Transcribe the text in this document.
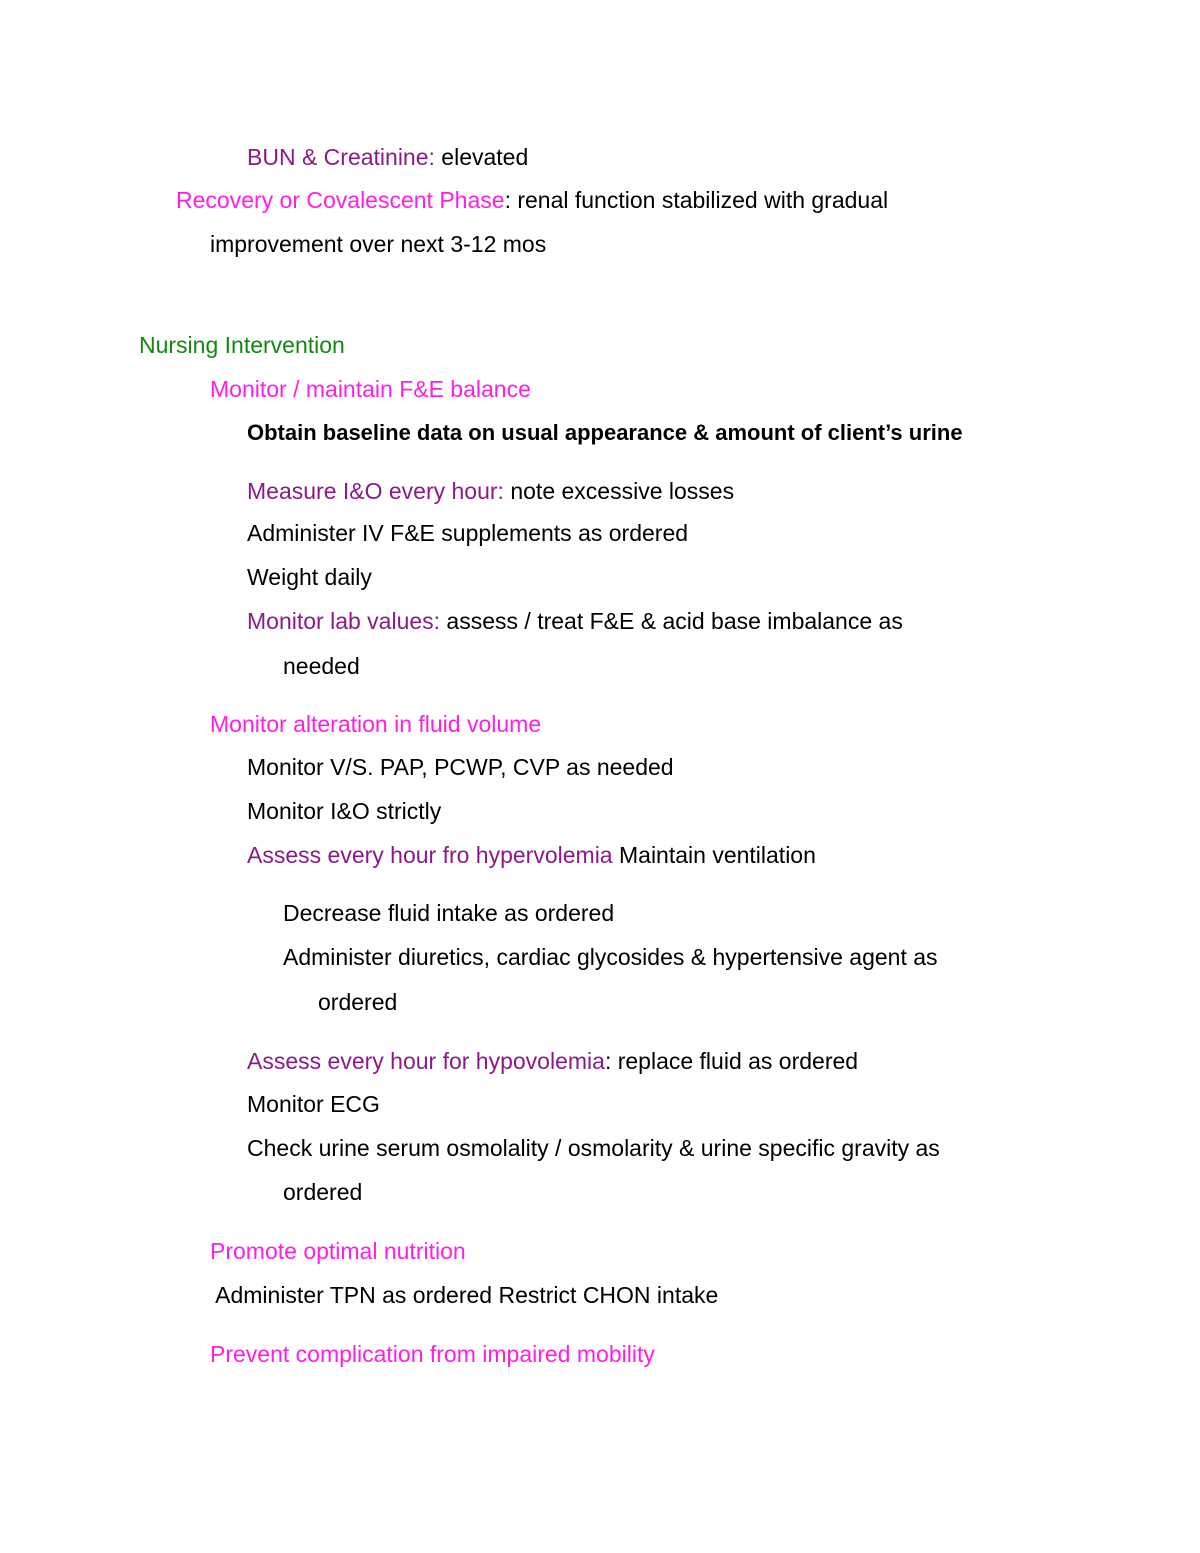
BUN & Creatinine: elevated
Recovery or Covalescent Phase: renal function stabilized with gradual
improvement over next 3-12 mos
Nursing Intervention
Monitor / maintain F&E balance
Obtain baseline data on usual appearance & amount of client’s urine
Measure I&O every hour: note excessive losses
Administer IV F&E supplements as ordered
Weight daily
Monitor lab values: assess / treat F&E & acid base imbalance as
needed
Monitor alteration in fluid volume
Monitor V/S. PAP, PCWP, CVP as needed
Monitor I&O strictly
Assess every hour fro hypervolemia Maintain ventilation
Decrease fluid intake as ordered
Administer diuretics, cardiac glycosides & hypertensive agent as
ordered
Assess every hour for hypovolemia: replace fluid as ordered
Monitor ECG
Check urine serum osmolality / osmolarity & urine specific gravity as
ordered
Promote optimal nutrition
Administer TPN as ordered Restrict CHON intake
Prevent complication from impaired mobility
